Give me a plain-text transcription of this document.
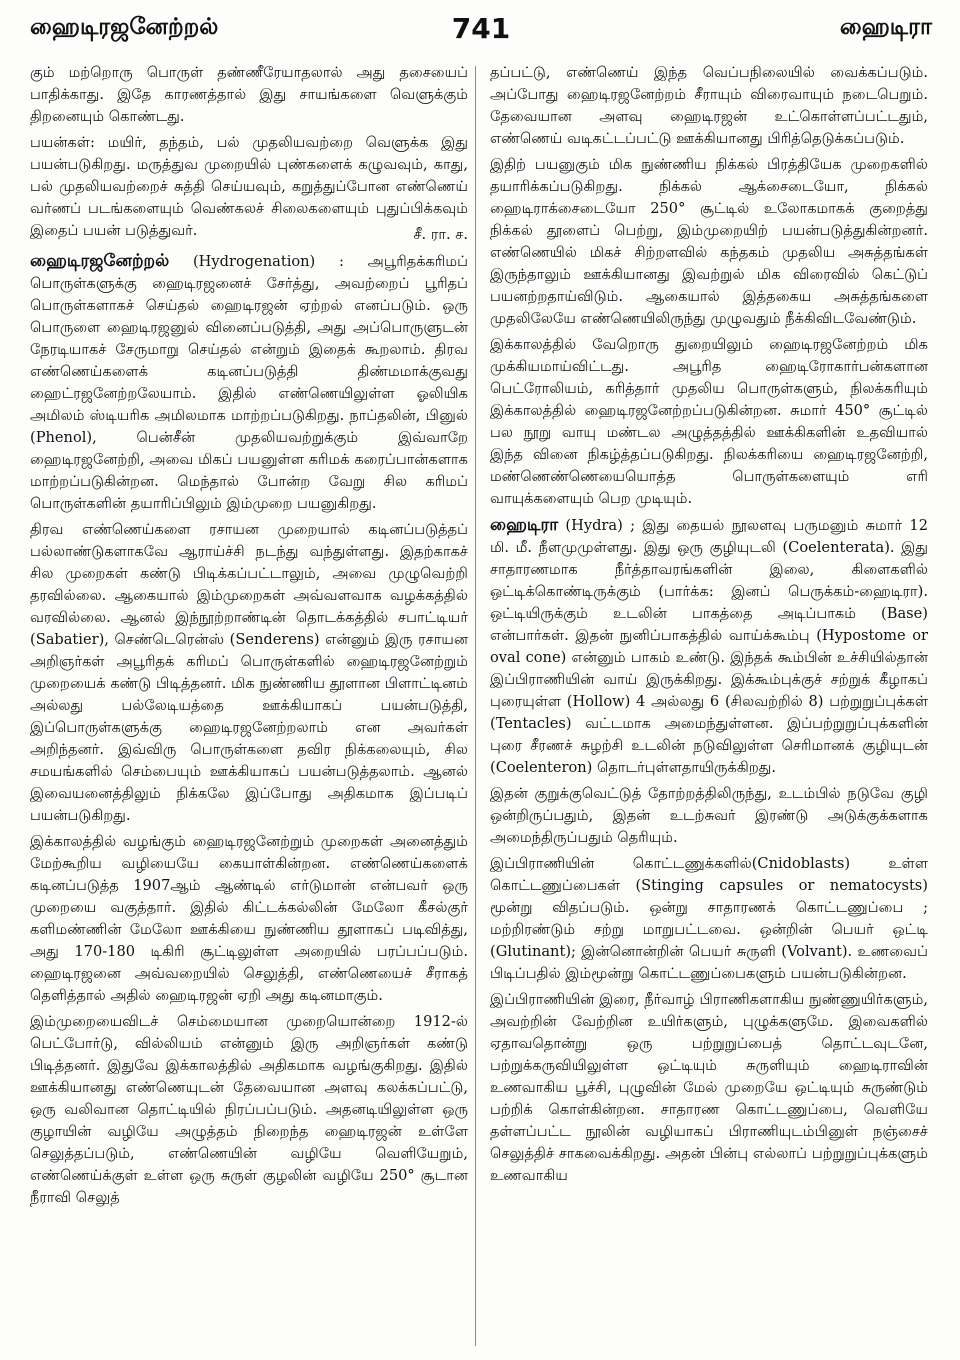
ஹைடிரஜனேற்றல்	741	ஹைடிரா

கும் மற்றொரு பொருள் தண்ணீரேயாதலால் அது தசையைப் பாதிக்காது. இதே காரணத்தால் இது சாயங்களை வெளுக்கும் திறனையும் கொண்டது.

பயன்கள்: மயிர், தந்தம், பல் முதலியவற்றை வெளுக்க இது பயன்படுகிறது. மருத்துவ முறையில் புண்களைக் கழுவவும், காது, பல் முதலியவற்றைச் சுத்தி செய்யவும், கறுத்துப்போன எண்ணெய் வர்ணப் படங்களையும் வெண்கலச் சிலைகளையும் புதுப்பிக்கவும் இதைப் பயன் படுத்துவர்.	சீ. ரா. ச.

ஹைடிரஜனேற்றல் (Hydrogenation) : அபூரிதக்கரிமப் பொருள்களுக்கு ஹைடிரஜனைச் சேர்த்து, அவற்றைப் பூரிதப் பொருள்களாகச் செய்தல் ஹைடிரஜன் ஏற்றல் எனப்படும். ஒரு பொருளை ஹைடிரஜனுல் வினைப்படுத்தி, அது அப்பொருளுடன் நேரடியாகச் சேருமாறு செய்தல் என்றும் இதைக் கூறலாம். திரவ எண்ணெய்களைக் கடினப்படுத்தி திண்மமாக்குவது ஹைட்ரஜனேற்றலேயாம். இதில் எண்ணெயிலுள்ள ஓலியிக அமிலம் ஸ்டியரிக அமிலமாக மாற்றப்படுகிறது. நாப்தலின், பினுல் (Phenol), பென்சீன் முதலியவற்றுக்கும் இவ்வாறே ஹைடிரஜனேற்றி, அவை மிகப் பயனுள்ள கரிமக் கரைப்பான்களாக மாற்றப்படுகின்றன. மெந்தால் போன்ற வேறு சில கரிமப் பொருள்களின் தயாரிப்பிலும் இம்முறை பயனுகிறது.

திரவ எண்ணெய்களை ரசாயன முறையால் கடினப்படுத்தப் பல்லாண்டுகளாகவே ஆராய்ச்சி நடந்து வந்துள்ளது. இதற்காகச் சில முறைகள் கண்டு பிடிக்கப்பட்டாலும், அவை முழுவெற்றி தரவில்லை. ஆகையால் இம்முறைகள் அவ்வளவாக வழக்கத்தில் வரவில்லை. ஆனல் இந்நூற்றாண்டின் தொடக்கத்தில் சபாட்டியர் (Sabatier), செண்டெரென்ஸ் (Senderens) என்னும் இரு ரசாயன அறிஞர்கள் அபூரிதக் கரிமப் பொருள்களில் ஹைடிரஜனேற்றும் முறையைக் கண்டு பிடித்தனர். மிக நுண்ணிய தூளான பிளாட்டினம் அல்லது பல்லேடியத்தை ஊக்கியாகப் பயன்படுத்தி, இப்பொருள்களுக்கு ஹைடிரஜனேற்றலாம் என அவர்கள் அறிந்தனர். இவ்விரு பொருள்களை தவிர நிக்கலையும், சில சமயங்களில் செம்பையும் ஊக்கியாகப் பயன்படுத்தலாம். ஆனல் இவையனைத்திலும் நிக்கலே இப்போது அதிகமாக இப்படிப் பயன்படுகிறது.

இக்காலத்தில் வழங்கும் ஹைடிரஜனேற்றும் முறைகள் அனைத்தும் மேற்கூறிய வழியையே கையாள்கின்றன. எண்ணெய்களைக் கடினப்படுத்த 1907ஆம் ஆண்டில் எர்டுமான் என்பவர் ஒரு முறையை வகுத்தார். இதில் கிட்டக்கல்லின் மேலோ கீசல்குர் களிமண்ணின் மேலோ ஊக்கியை நுண்ணிய தூளாகப் படிவித்து, அது 170-180 டிகிரி சூட்டிலுள்ள அறையில் பரப்பப்படும். ஹைடிரஜனை அவ்வறையில் செலுத்தி, எண்ணெயைச் சீராகத் தெளித்தால் அதில் ஹைடிரஜன் ஏறி அது கடினமாகும்.

இம்முறையைவிடச் செம்மையான முறையொன்றை 1912-ல் பெட்போர்டு, வில்லியம் என்னும் இரு அறிஞர்கள் கண்டு பிடித்தனர். இதுவே இக்காலத்தில் அதிகமாக வழங்குகிறது. இதில் ஊக்கியானது எண்ணெயுடன் தேவையான அளவு கலக்கப்பட்டு, ஒரு வலிவான தொட்டியில் நிரப்பப்படும். அதனடியிலுள்ள ஒரு குழாயின் வழியே அழுத்தம் நிறைந்த ஹைடிரஜன் உள்ளே செலுத்தப்படும், எண்ணெயின் வழியே வெளியேறும், எண்ணெய்க்குள் உள்ள ஒரு சுருள் குழலின் வழியே 250° சூடான நீராவி செலுத்

தப்பட்டு, எண்ணெய் இந்த வெப்பநிலையில் வைக்கப்படும். அப்போது ஹைடிரஜனேற்றம் சீராயும் விரைவாயும் நடைபெறும். தேவையான அளவு ஹைடிரஜன் உட்கொள்ளப்பட்டதும், எண்ணெய் வடிகட்டப்பட்டு ஊக்கியானது பிரித்தெடுக்கப்படும்.

இதிற் பயனுகும் மிக நுண்ணிய நிக்கல் பிரத்தியேக முறைகளில் தயாரிக்கப்படுகிறது. நிக்கல் ஆக்சைடையோ, நிக்கல் ஹைடிராக்சைடையோ 250° சூட்டில் உலோகமாகக் குறைத்து நிக்கல் தூளைப் பெற்று, இம்முறையிற் பயன்படுத்துகின்றனர். எண்ணெயில் மிகச் சிற்றளவில் கந்தகம் முதலிய அசுத்தங்கள் இருந்தாலும் ஊக்கியானது இவற்றுல் மிக விரைவில் கெட்டுப் பயனற்றதாய்விடும். ஆகையால் இத்தகைய அசுத்தங்களை முதலிலேயே எண்ணெயிலிருந்து முழுவதும் நீக்கிவிடவேண்டும்.

இக்காலத்தில் வேறொரு துறையிலும் ஹைடிரஜனேற்றம் மிக முக்கியமாய்விட்டது. அபூரித ஹைடிரோகார்பன்களான பெட்ரோலியம், கரித்தார் முதலிய பொருள்களும், நிலக்கரியும் இக்காலத்தில் ஹைடிரஜனேற்றப்படுகின்றன. சுமார் 450° சூட்டில் பல நூறு வாயு மண்டல அழுத்தத்தில் ஊக்கிகளின் உதவியால் இந்த வினை நிகழ்த்தப்படுகிறது. நிலக்கரியை ஹைடிரஜனேற்றி, மண்ணெண்ணெயையொத்த பொருள்களையும் எரி வாயுக்களையும் பெற முடியும்.

ஹைடிரா (Hydra) ; இது தையல் நூலளவு பருமனும் சுமார் 12 மி. மீ. நீளமுமுள்ளது. இது ஒரு குழியுடலி (Coelenterata). இது சாதாரணமாக நீர்த்தாவரங்களின் இலை, கிளைகளில் ஒட்டிக்கொண்டிருக்கும் (பார்க்க: இனப் பெருக்கம்-ஹைடிரா). ஒட்டியிருக்கும் உடலின் பாகத்தை அடிப்பாகம் (Base) என்பார்கள். இதன் நுனிப்பாகத்தில் வாய்க்கூம்பு (Hypostome or oval cone) என்னும் பாகம் உண்டு. இந்தக் கூம்பின் உச்சியில்தான் இப்பிராணியின் வாய் இருக்கிறது. இக்கூம்புக்குச் சற்றுக் கீழாகப் புரையுள்ள (Hollow) 4 அல்லது 6 (சிலவற்றில் 8) பற்றுறுப்புக்கள் (Tentacles) வட்டமாக அமைந்துள்ளன. இப்பற்றுறுப்புக்களின் புரை சீரணச் சுழற்சி உடலின் நடுவிலுள்ள செரிமானக் குழியுடன் (Coelenteron) தொடர்புள்ளதாயிருக்கிறது.

இதன் குறுக்குவெட்டுத் தோற்றத்திலிருந்து, உடம்பில் நடுவே குழி ஒன்றிருப்பதும், இதன் உடற்சுவர் இரண்டு அடுக்குக்களாக அமைந்திருப்பதும் தெரியும்.

இப்பிராணியின் கொட்டணுக்களில்(Cnidoblasts) உள்ள கொட்டணுப்பைகள் (Stinging capsules or nematocysts) மூன்று விதப்படும். ஒன்று சாதாரணக் கொட்டணுப்பை ; மற்றிரண்டும் சற்று மாறுபட்டவை. ஒன்றின் பெயர் ஒட்டி (Glutinant); இன்னொன்றின் பெயர் சுருளி (Volvant). உணவைப் பிடிப்பதில் இம்மூன்று கொட்டணுப்பைகளும் பயன்படுகின்றன.

இப்பிராணியின் இரை, நீர்வாழ் பிராணிகளாகிய நுண்ணுயிர்களும், அவற்றின் வேற்றின உயிர்களும், புழுக்களுமே. இவைகளில் ஏதாவதொன்று ஒரு பற்றுறுப்பைத் தொட்டவுடனே, பற்றுக்கருவியிலுள்ள ஒட்டியும் சுருளியும் ஹைடிராவின் உணவாகிய பூச்சி, புழுவின் மேல் முறையே ஒட்டியும் சுருண்டும் பற்றிக் கொள்கின்றன. சாதாரண கொட்டணுப்பை, வெளியே தள்ளப்பட்ட நூலின் வழியாகப் பிராணியுடம்பினுள் நஞ்சைச் செலுத்திச் சாகவைக்கிறது. அதன் பின்பு எல்லாப் பற்றுறுப்புக்களும் உணவாகிய
